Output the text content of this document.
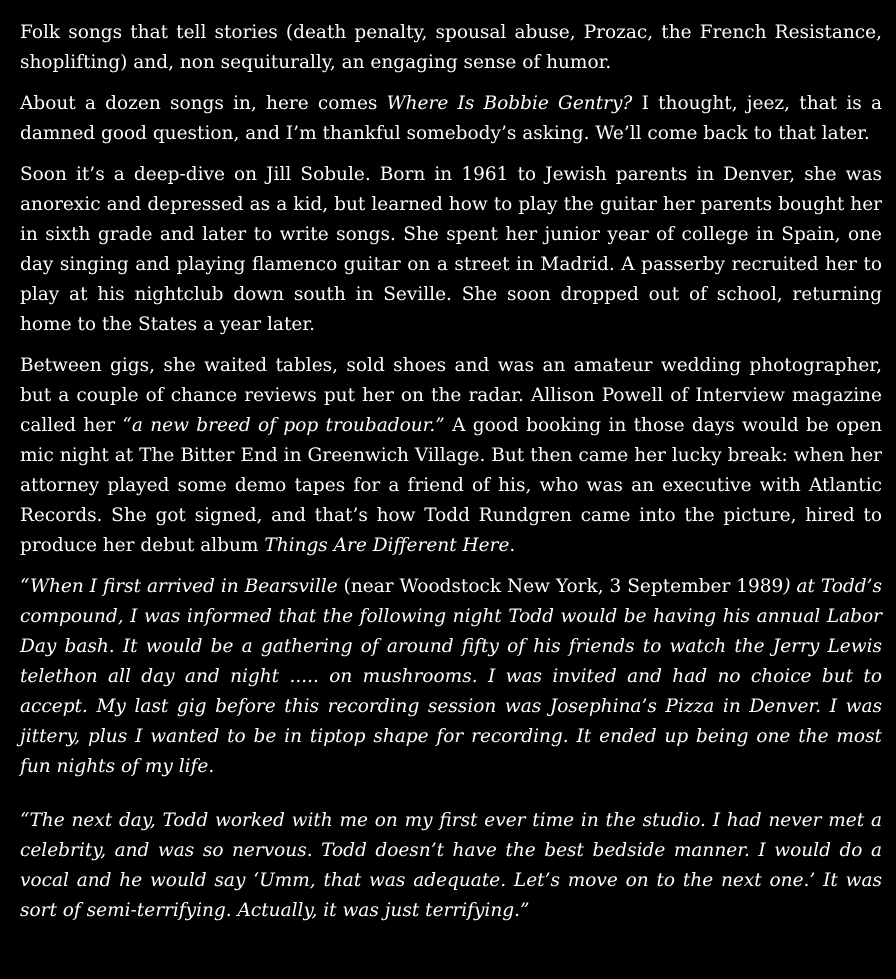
Folk songs that tell stories (death penalty, spousal abuse, Prozac, the French Resistance, shoplifting) and, non sequiturally, an engaging sense of humor.

About a dozen songs in, here comes Where Is Bobbie Gentry? I thought, jeez, that is a damned good question, and I’m thankful somebody’s asking. We’ll come back to that later.

Soon it’s a deep-dive on Jill Sobule. Born in 1961 to Jewish parents in Denver, she was anorexic and depressed as a kid, but learned how to play the guitar her parents bought her in sixth grade and later to write songs. She spent her junior year of college in Spain, one day singing and playing flamenco guitar on a street in Madrid. A passerby recruited her to play at his nightclub down south in Seville. She soon dropped out of school, returning home to the States a year later.

Between gigs, she waited tables, sold shoes and was an amateur wedding photographer, but a couple of chance reviews put her on the radar. Allison Powell of Interview magazine called her “a new breed of pop troubadour.” A good booking in those days would be open mic night at The Bitter End in Greenwich Village. But then came her lucky break: when her attorney played some demo tapes for a friend of his, who was an executive with Atlantic Records. She got signed, and that’s how Todd Rundgren came into the picture, hired to produce her debut album Things Are Different Here.

“When I first arrived in Bearsville (near Woodstock New York, 3 September 1989) at Todd’s compound, I was informed that the following night Todd would be having his annual Labor Day bash. It would be a gathering of around fifty of his friends to watch the Jerry Lewis telethon all day and night ..... on mushrooms. I was invited and had no choice but to accept. My last gig before this recording session was Josephina’s Pizza in Denver. I was jittery, plus I wanted to be in tiptop shape for recording. It ended up being one the most fun nights of my life.

“The next day, Todd worked with me on my first ever time in the studio. I had never met a celebrity, and was so nervous. Todd doesn’t have the best bedside manner. I would do a vocal and he would say ‘Umm, that was adequate. Let’s move on to the next one.’ It was sort of semi-terrifying. Actually, it was just terrifying.”
